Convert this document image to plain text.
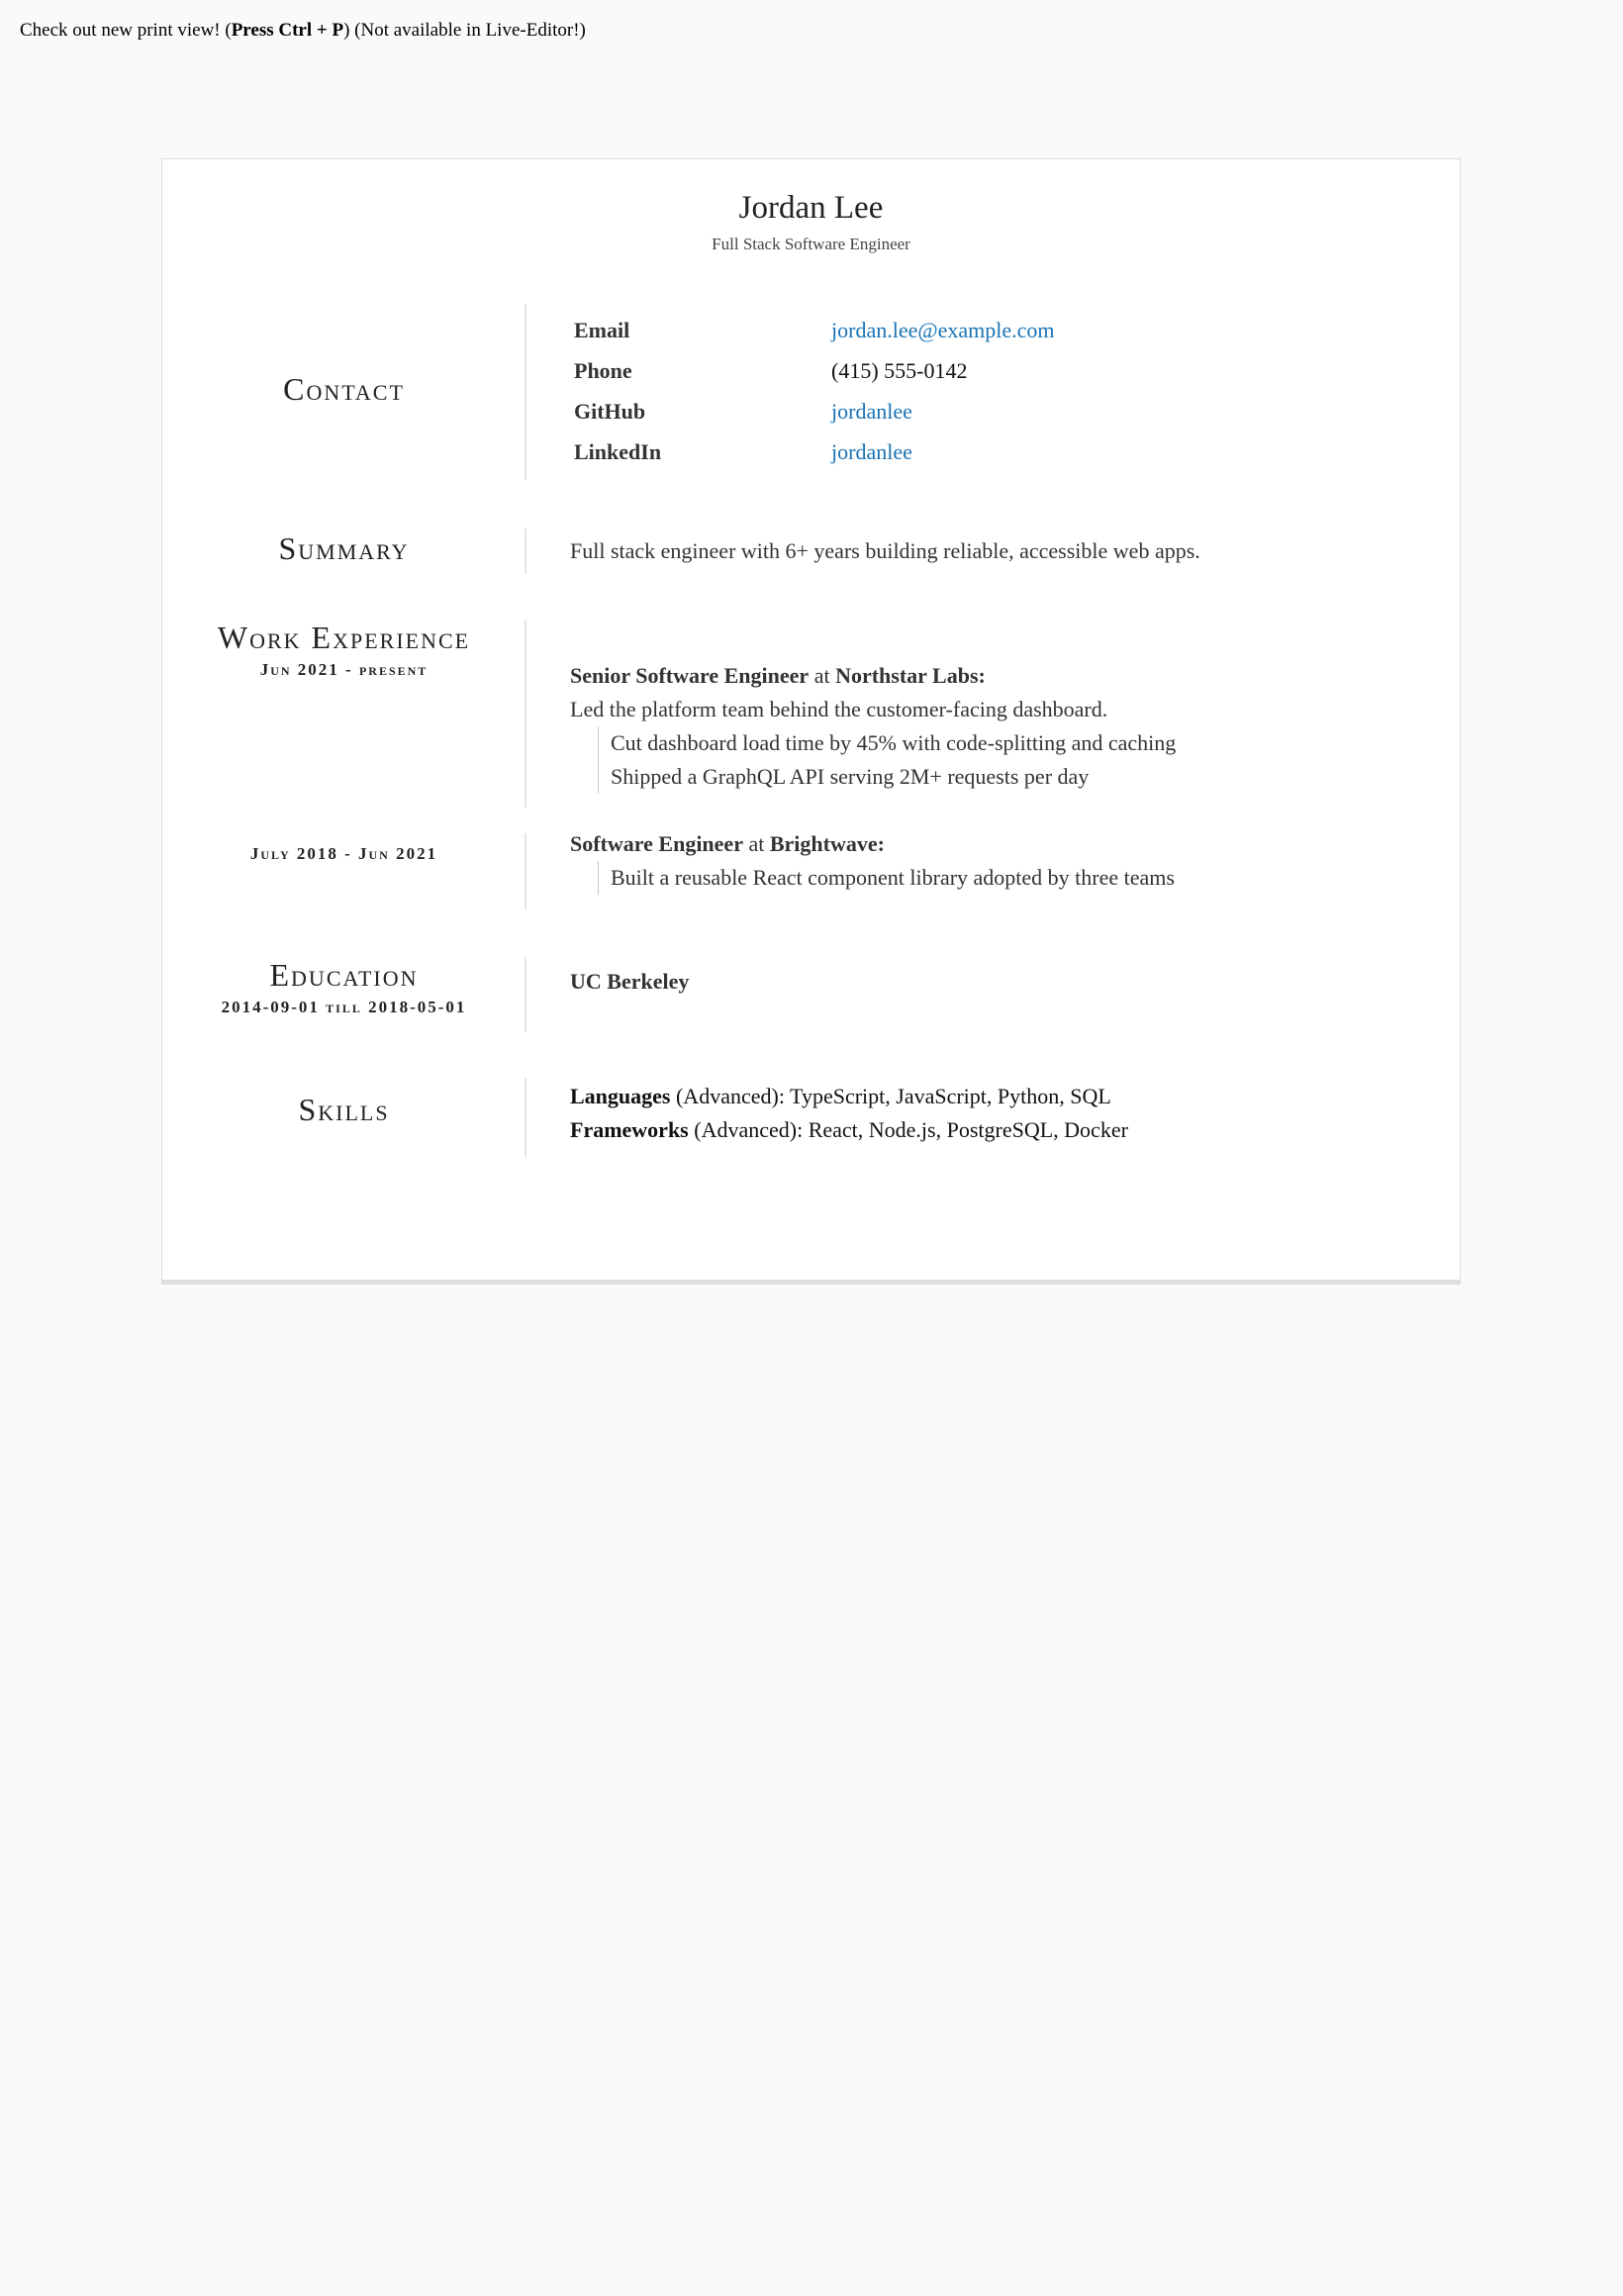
Check out new print view! (Press Ctrl + P) (Not available in Live-Editor!)
Jordan Lee
Full Stack Software Engineer
Contact
Email	jordan.lee@example.com
Phone	(415) 555-0142
GitHub	jordanlee
LinkedIn	jordanlee
Summary	Full stack engineer with 6+ years building reliable, accessible web apps.
Work Experience
Jun 2021 - present	Senior Software Engineer at Northstar Labs:
Led the platform team behind the customer-facing dashboard.
Cut dashboard load time by 45% with code-splitting and caching
Shipped a GraphQL API serving 2M+ requests per day
July 2018 - Jun 2021	Software Engineer at Brightwave:
Built a reusable React component library adopted by three teams
Education
2014-09-01 till 2018-05-01
UC Berkeley
Skills	Languages (Advanced): TypeScript, JavaScript, Python, SQL
Frameworks (Advanced): React, Node.js, PostgreSQL, Docker
